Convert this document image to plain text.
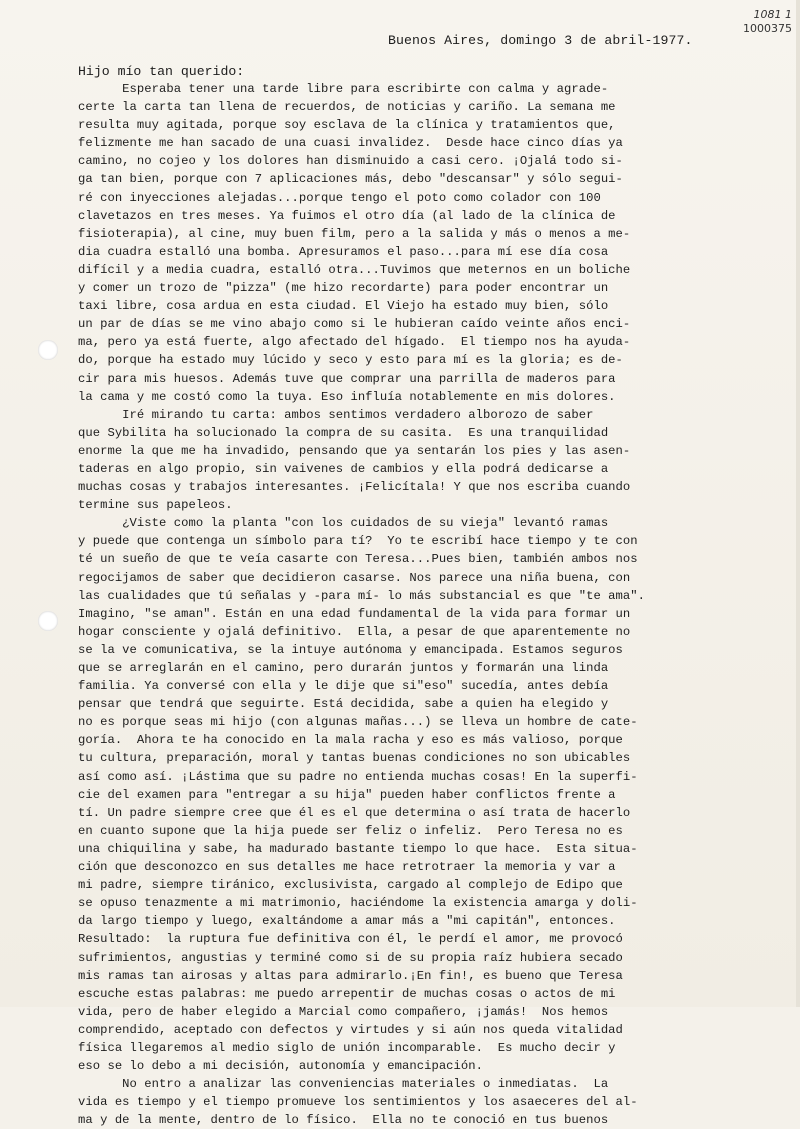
1081 1
1000375
Buenos Aires, domingo 3 de abril-1977.
Hijo mío tan querido:
Esperaba tener una tarde libre para escribirte con calma y agrade-
certe la carta tan llena de recuerdos, de noticias y cariño. La semana me
resulta muy agitada, porque soy esclava de la clínica y tratamientos que,
felizmente me han sacado de una cuasi invalidez.  Desde hace cinco días ya
camino, no cojeo y los dolores han disminuido a casi cero. ¡Ojalá todo si-
ga tan bien, porque con 7 aplicaciones más, debo "descansar" y sólo segui-
ré con inyecciones alejadas...porque tengo el poto como colador con 100
clavetazos en tres meses. Ya fuimos el otro día (al lado de la clínica de
fisioterapia), al cine, muy buen film, pero a la salida y más o menos a me-
dia cuadra estalló una bomba. Apresuramos el paso...para mí ese día cosa
difícil y a media cuadra, estalló otra...Tuvimos que meternos en un boliche
y comer un trozo de "pizza" (me hizo recordarte) para poder encontrar un
taxi libre, cosa ardua en esta ciudad. El Viejo ha estado muy bien, sólo
un par de días se me vino abajo como si le hubieran caído veinte años enci-
ma, pero ya está fuerte, algo afectado del hígado.  El tiempo nos ha ayuda-
do, porque ha estado muy lúcido y seco y esto para mí es la gloria; es de-
cir para mis huesos. Además tuve que comprar una parrilla de maderos para
la cama y me costó como la tuya. Eso influía notablemente en mis dolores.
Iré mirando tu carta: ambos sentimos verdadero alborozo de saber
que Sybilita ha solucionado la compra de su casita.  Es una tranquilidad
enorme la que me ha invadido, pensando que ya sentarán los pies y las asen-
taderas en algo propio, sin vaivenes de cambios y ella podrá dedicarse a
muchas cosas y trabajos interesantes. ¡Felicítala! Y que nos escriba cuando
termine sus papeleos.
¿Viste como la planta "con los cuidados de su vieja" levantó ramas
y puede que contenga un símbolo para tí?  Yo te escribí hace tiempo y te con
té un sueño de que te veía casarte con Teresa...Pues bien, también ambos nos
regocijamos de saber que decidieron casarse. Nos parece una niña buena, con
las cualidades que tú señalas y -para mí- lo más substancial es que "te ama".
Imagino, "se aman". Están en una edad fundamental de la vida para formar un
hogar consciente y ojalá definitivo.  Ella, a pesar de que aparentemente no
se la ve comunicativa, se la intuye autónoma y emancipada. Estamos seguros
que se arreglarán en el camino, pero durarán juntos y formarán una linda
familia. Ya conversé con ella y le dije que si"eso" sucedía, antes debía
pensar que tendrá que seguirte. Está decidida, sabe a quien ha elegido y
no es porque seas mi hijo (con algunas mañas...) se lleva un hombre de cate-
goría.  Ahora te ha conocido en la mala racha y eso es más valioso, porque
tu cultura, preparación, moral y tantas buenas condiciones no son ubicables
así como así. ¡Lástima que su padre no entienda muchas cosas! En la superfi-
cie del examen para "entregar a su hija" pueden haber conflictos frente a
tí. Un padre siempre cree que él es el que determina o así trata de hacerlo
en cuanto supone que la hija puede ser feliz o infeliz.  Pero Teresa no es
una chiquilina y sabe, ha madurado bastante tiempo lo que hace.  Esta situa-
ción que desconozco en sus detalles me hace retrotraer la memoria y var a
mi padre, siempre tiránico, exclusivista, cargado al complejo de Edipo que
se opuso tenazmente a mi matrimonio, haciéndome la existencia amarga y doli-
da largo tiempo y luego, exaltándome a amar más a "mi capitán", entonces.
Resultado:  la ruptura fue definitiva con él, le perdí el amor, me provocó
sufrimientos, angustias y terminé como si de su propia raíz hubiera secado
mis ramas tan airosas y altas para admirarlo.¡En fin!, es bueno que Teresa
escuche estas palabras: me puedo arrepentir de muchas cosas o actos de mi
vida, pero de haber elegido a Marcial como compañero, ¡jamás!  Nos hemos
comprendido, aceptado con defectos y virtudes y si aún nos queda vitalidad
física llegaremos al medio siglo de unión incomparable.  Es mucho decir y
eso se lo debo a mi decisión, autonomía y emancipación.
No entro a analizar las conveniencias materiales o inmediatas.  La
vida es tiempo y el tiempo promueve los sentimientos y los asaeceres del al-
ma y de la mente, dentro de lo físico.  Ella no te conoció en tus buenos
